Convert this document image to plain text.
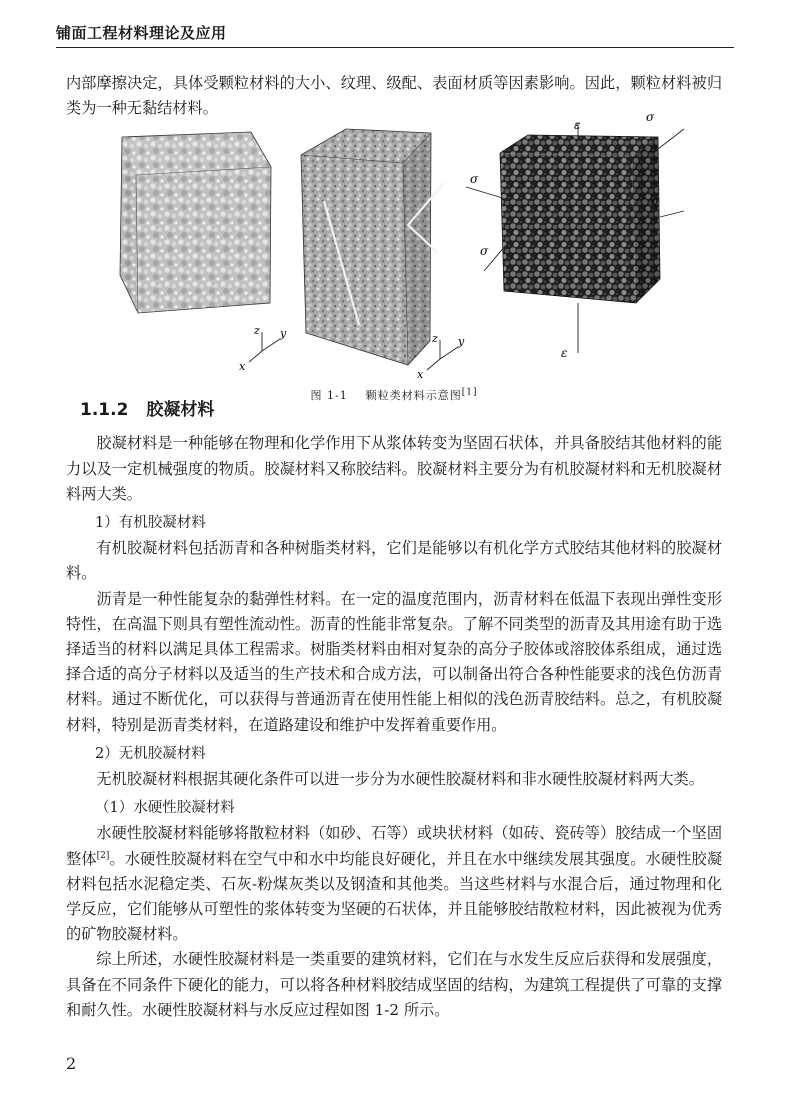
铺面工程材料理论及应用

内部摩擦决定，具体受颗粒材料的大小、纹理、级配、表面材质等因素影响。因此，颗粒材料被归类为一种无黏结材料。

z y
x
z y
x
ε
σ
σ
σ
σ
ε
图 1-1 颗粒类材料示意图[1]
1.1.2 胶凝材料

胶凝材料是一种能够在物理和化学作用下从浆体转变为坚固石状体，并具备胶结其他材料的能力以及一定机械强度的物质。胶凝材料又称胶结料。胶凝材料主要分为有机胶凝材料和无机胶凝材料两大类。

1）有机胶凝材料

有机胶凝材料包括沥青和各种树脂类材料，它们是能够以有机化学方式胶结其他材料的胶凝材料。

沥青是一种性能复杂的黏弹性材料。在一定的温度范围内，沥青材料在低温下表现出弹性变形特性，在高温下则具有塑性流动性。沥青的性能非常复杂。了解不同类型的沥青及其用途有助于选择适当的材料以满足具体工程需求。树脂类材料由相对复杂的高分子胶体或溶胶体系组成，通过选择合适的高分子材料以及适当的生产技术和合成方法，可以制备出符合各种性能要求的浅色仿沥青材料。通过不断优化，可以获得与普通沥青在使用性能上相似的浅色沥青胶结料。总之，有机胶凝材料，特别是沥青类材料，在道路建设和维护中发挥着重要作用。

2）无机胶凝材料

无机胶凝材料根据其硬化条件可以进一步分为水硬性胶凝材料和非水硬性胶凝材料两大类。

（1）水硬性胶凝材料

水硬性胶凝材料能够将散粒材料（如砂、石等）或块状材料（如砖、瓷砖等）胶结成一个坚固整体[2]。水硬性胶凝材料在空气中和水中均能良好硬化，并且在水中继续发展其强度。水硬性胶凝材料包括水泥稳定类、石灰-粉煤灰类以及钢渣和其他类。当这些材料与水混合后，通过物理和化学反应，它们能够从可塑性的浆体转变为坚硬的石状体，并且能够胶结散粒材料，因此被视为优秀的矿物胶凝材料。

综上所述，水硬性胶凝材料是一类重要的建筑材料，它们在与水发生反应后获得和发展强度，具备在不同条件下硬化的能力，可以将各种材料胶结成坚固的结构，为建筑工程提供了可靠的支撑和耐久性。水硬性胶凝材料与水反应过程如图 1-2 所示。

2
